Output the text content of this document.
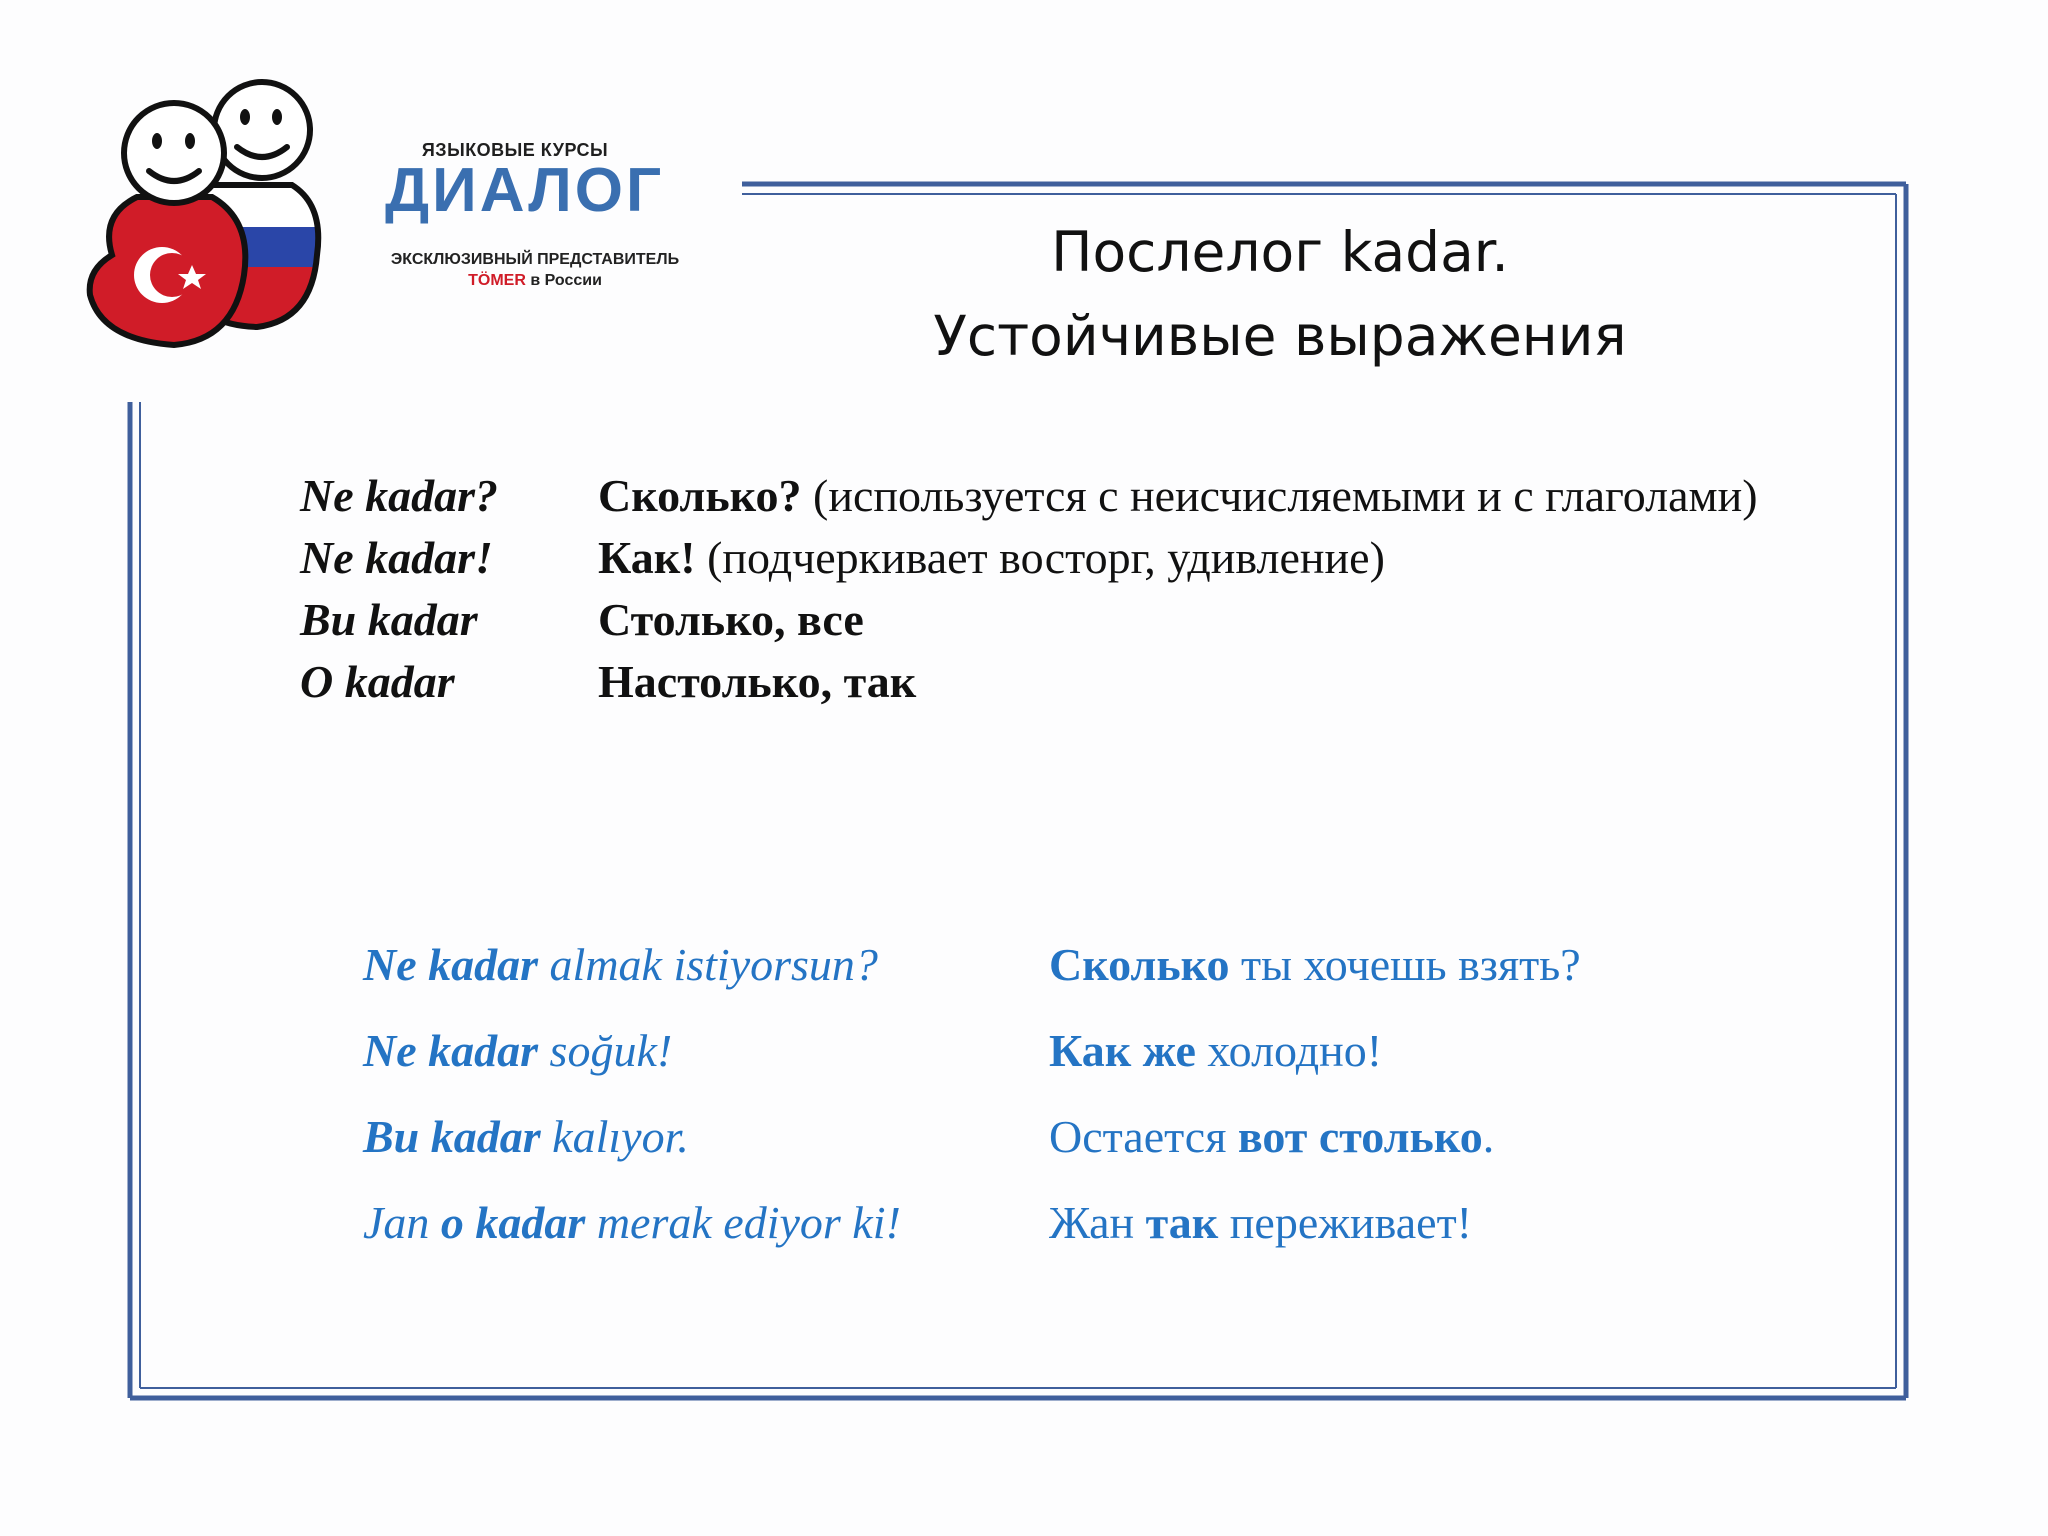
ЯЗЫКОВЫЕ КУРСЫ
ДИАЛОГ
ЭКСКЛЮЗИВНЫЙ ПРЕДСТАВИТЕЛЬ
TÖMER в России	Послелог kadar.
Устойчивые выражения
Ne kadar?	Сколько? (используется с неисчисляемыми и с глаголами)
Ne kadar!	Как! (подчеркивает восторг, удивление)
Bu kadar	Столько, все
O kadar	Настолько, так
Ne kadar almak istiyorsun?	Сколько ты хочешь взять?
Ne kadar soğuk!	Как же холодно!
Bu kadar kalıyor.	Остается вот столько.
Jan o kadar merak ediyor ki!	Жан так переживает!
